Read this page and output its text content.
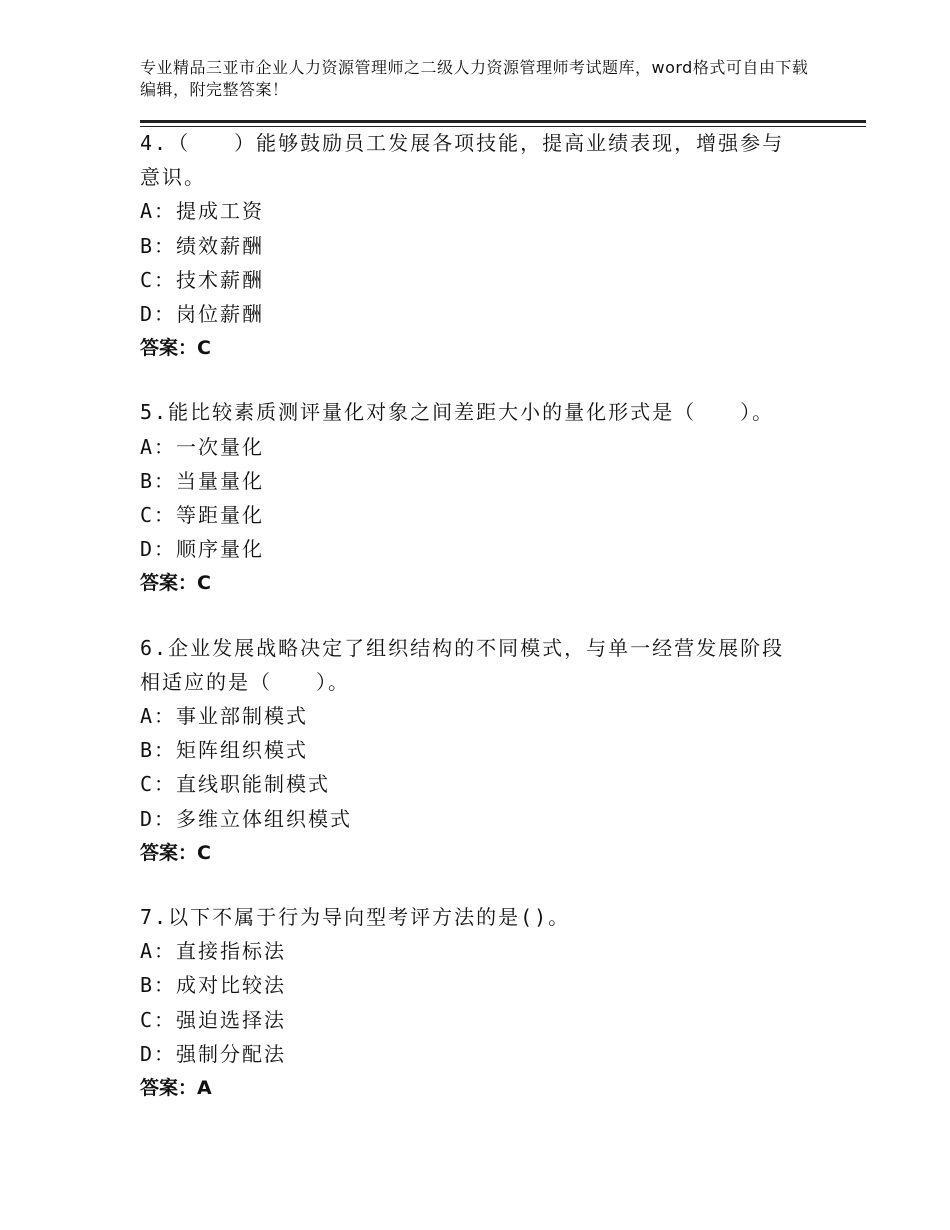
专业精品三亚市企业人力资源管理师之二级人力资源管理师考试题库，word格式可自由下载编辑，附完整答案！
4.（　　）能够鼓励员工发展各项技能，提高业绩表现，增强参与意识。
A：提成工资
B：绩效薪酬
C：技术薪酬
D：岗位薪酬
答案：C
5.能比较素质测评量化对象之间差距大小的量化形式是（　　）。
A：一次量化
B：当量量化
C：等距量化
D：顺序量化
答案：C
6.企业发展战略决定了组织结构的不同模式，与单一经营发展阶段相适应的是（　　）。
A：事业部制模式
B：矩阵组织模式
C：直线职能制模式
D：多维立体组织模式
答案：C
7.以下不属于行为导向型考评方法的是()。
A：直接指标法
B：成对比较法
C：强迫选择法
D：强制分配法
答案：A
